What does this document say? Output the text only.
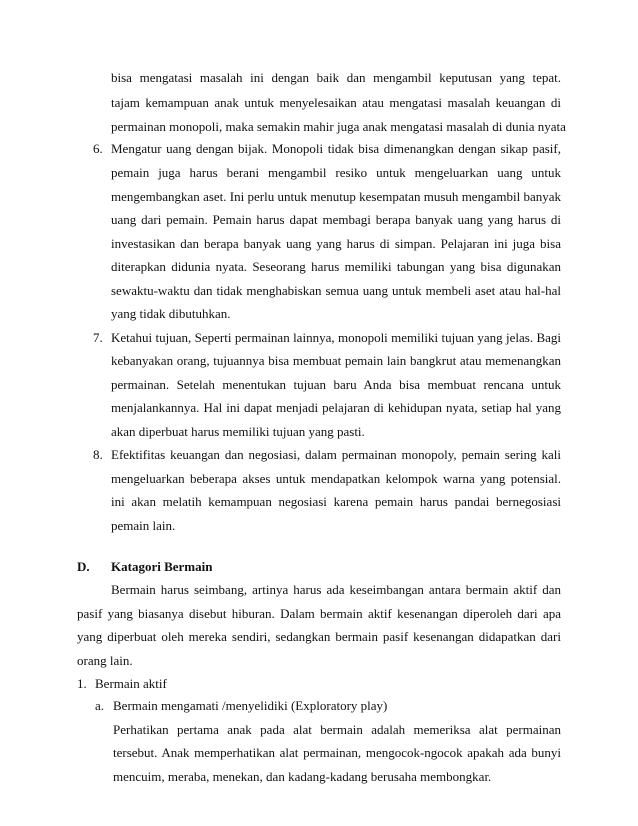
bisa mengatasi masalah ini dengan baik dan mengambil keputusan yang tepat.
tajam kemampuan anak untuk menyelesaikan atau mengatasi masalah keuangan di
permainan monopoli, maka semakin mahir juga anak mengatasi masalah di dunia nyata
6. Mengatur uang dengan bijak. Monopoli tidak bisa dimenangkan dengan sikap pasif,
pemain juga harus berani mengambil resiko untuk mengeluarkan uang untuk
mengembangkan aset. Ini perlu untuk menutup kesempatan musuh mengambil banyak
uang dari pemain. Pemain harus dapat membagi berapa banyak uang yang harus di
investasikan dan berapa banyak uang yang harus di simpan. Pelajaran ini juga bisa
diterapkan didunia nyata. Seseorang harus memiliki tabungan yang bisa digunakan
sewaktu-waktu dan tidak menghabiskan semua uang untuk membeli aset atau hal-hal
yang tidak dibutuhkan.
7. Ketahui tujuan, Seperti permainan lainnya, monopoli memiliki tujuan yang jelas. Bagi
kebanyakan orang, tujuannya bisa membuat pemain lain bangkrut atau memenangkan
permainan. Setelah menentukan tujuan baru Anda bisa membuat rencana untuk
menjalankannya. Hal ini dapat menjadi pelajaran di kehidupan nyata, setiap hal yang
akan diperbuat harus memiliki tujuan yang pasti.
8. Efektifitas keuangan dan negosiasi, dalam permainan monopoly, pemain sering kali
mengeluarkan beberapa akses untuk mendapatkan kelompok warna yang potensial.
ini akan melatih kemampuan negosiasi karena pemain harus pandai bernegosiasi
pemain lain.
D. Katagori Bermain
Bermain harus seimbang, artinya harus ada keseimbangan antara bermain aktif dan
pasif yang biasanya disebut hiburan. Dalam bermain aktif kesenangan diperoleh dari apa
yang diperbuat oleh mereka sendiri, sedangkan bermain pasif kesenangan didapatkan dari
orang lain.
1. Bermain aktif
a. Bermain mengamati /menyelidiki (Exploratory play)
Perhatikan pertama anak pada alat bermain adalah memeriksa alat permainan
tersebut. Anak memperhatikan alat permainan, mengocok-ngocok apakah ada bunyi
mencuim, meraba, menekan, dan kadang-kadang berusaha membongkar.
